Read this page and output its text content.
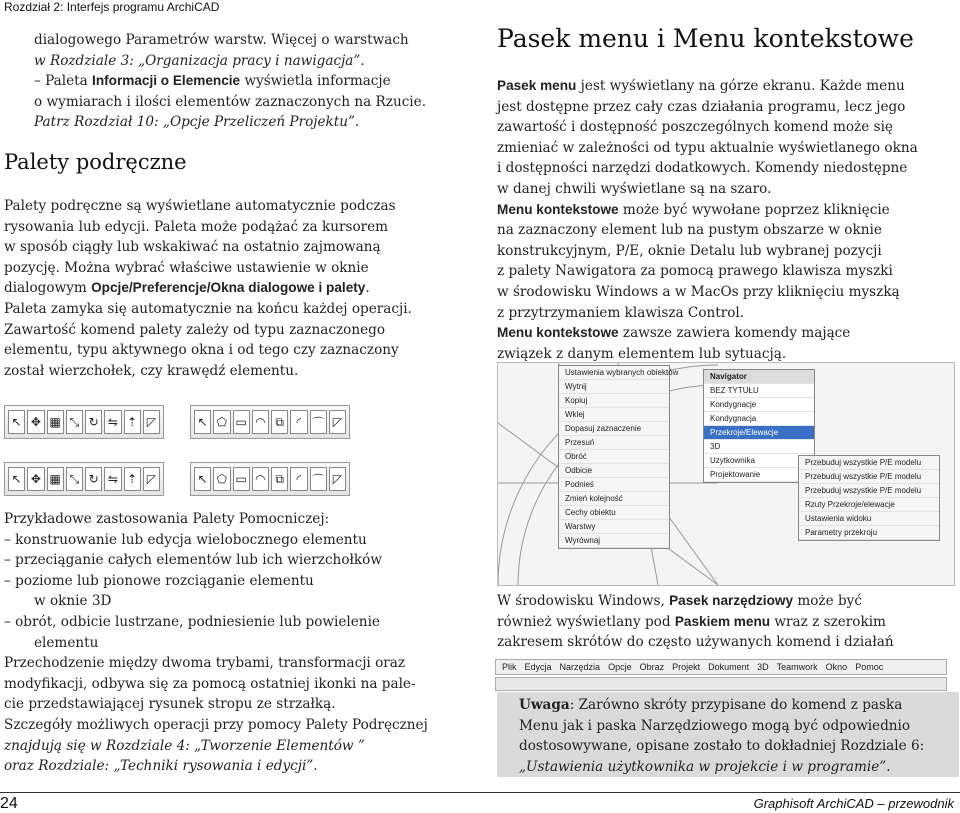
Rozdział 2: Interfejs programu ArchiCAD

dialogowego Parametrów warstw. Więcej o warstwach

w Rozdziale 3: „Organizacja pracy i nawigacja”.

– Paleta Informacji o Elemencie wyświetla informacje

o wymiarach i ilości elementów zaznaczonych na Rzucie.

Patrz Rozdział 10: „Opcje Przeliczeń Projektu”.

Palety podręczne

Palety podręczne są wyświetlane automatycznie podczas

rysowania lub edycji. Paleta może podążać za kursorem

w sposób ciągły lub wskakiwać na ostatnio zajmowaną

pozycję. Można wybrać właściwe ustawienie w oknie

dialogowym Opcje/Preferencje/Okna dialogowe i palety.

Paleta zamyka się automatycznie na końcu każdej operacji.

Zawartość komend palety zależy od typu zaznaczonego

elementu, typu aktywnego okna i od tego czy zaznaczony

został wierzchołek, czy krawędź elementu.

↖ ✥ ▦ ⤡ ↻ ⇋ ⇡ ◸	↖ ⬠ ▭ ◠ ⧉	◜ ⌒ ◸
↖ ✥ ▦ ⤡ ↻ ⇋ ⇡ ◸	↖ ⬠ ▭ ◠ ⧉	◜ ⌒ ◸

Przykładowe zastosowania Palety Pomocniczej:

– konstruowanie lub edycja wielobocznego elementu

– przeciąganie całych elementów lub ich wierzchołków

– poziome lub pionowe rozciąganie elementu

w oknie 3D

– obrót, odbicie lustrzane, podniesienie lub powielenie

elementu

Przechodzenie między dwoma trybami, transformacji oraz

modyfikacji, odbywa się za pomocą ostatniej ikonki na pale-

cie przedstawiającej rysunek stropu ze strzałką.

Szczegóły możliwych operacji przy pomocy Palety Podręcznej

znajdują się w Rozdziale 4: „Tworzenie Elementów ”

oraz Rozdziale: „Techniki rysowania i edycji”.

Pasek menu i Menu kontekstowe

Pasek menu jest wyświetlany na górze ekranu. Każde menu

jest dostępne przez cały czas działania programu, lecz jego

zawartość i dostępność poszczególnych komend może się

zmieniać w zależności od typu aktualnie wyświetlanego okna

i dostępności narzędzi dodatkowych. Komendy niedostępne

w danej chwili wyświetlane są na szaro.

Menu kontekstowe może być wywołane poprzez kliknięcie

na zaznaczony element lub na pustym obszarze w oknie

konstrukcyjnym, P/E, oknie Detalu lub wybranej pozycji

z palety Nawigatora za pomocą prawego klawisza myszki

w środowisku Windows a w MacOs przy kliknięciu myszką

z przytrzymaniem klawisza Control.

Menu kontekstowe zawsze zawiera komendy mające

związek z danym elementem lub sytuacją.

Ustawienia wybranych obiektów
Wytnij
Kopiuj
Wklej
Dopasuj zaznaczenie
Przesuń
Obróć
Odbicie
Podnieś
Zmień kolejność
Cechy obiektu
Warstwy
Wyrównaj
Navigator
BEZ TYTUŁU
Kondygnacje
Kondygnacja
Przekroje/Elewacje
3D
Uzytkownika
Projektowanie
Przebuduj wszystkie P/E modelu
Przebuduj wszystkie P/E modelu
Przebuduj wszystkie P/E modelu
Rzuty Przekroje/elewacje
Ustawienia widoku
Parametry przekroju

W środowisku Windows, Pasek narzędziowy może być

również wyświetlany pod Paskiem menu wraz z szerokim

zakresem skrótów do często używanych komend i działań

Plik Edycja Narzędzia Opcje Obraz Projekt Dokument 3D Teamwork Okno Pomoc

Uwaga: Zarówno skróty przypisane do komend z paska

Menu jak i paska Narzędziowego mogą być odpowiednio

dostosowywane, opisane zostało to dokładniej Rozdziale 6:

„Ustawienia użytkownika w projekcie i w programie”.

24	Graphisoft ArchiCAD – przewodnik
